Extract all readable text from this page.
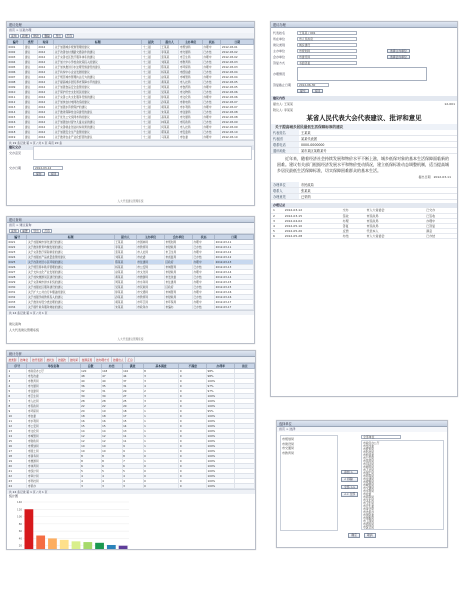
建议处理
首页 > 议案办理
查询	新增	修改	删除	导出	打印
编号	类型	时间	标题	届次	提出人	主办单位	状态	日期
0001	建议	2012	关于加强城乡规划管理的建议	十二届	王某某	市规划局	办理中	2012-03-01
0002	建议	2012	关于改善农村道路交通条件的建议	十二届	李某某	市交通局	已办结	2012-03-02
0003	建议	2012	关于完善社区医疗服务体系的建议	十二届	张某某	市卫生局	办理中	2012-03-02
0004	建议	2012	关于加大中小学校舍改造投入的建议	十二届	刘某某	市教育局	已办结	2012-03-03
0005	建议	2012	关于加快推进污水处理设施建设的建议	十二届	陈某某	市环保局	办理中	2012-03-03
0006	建议	2012	关于扶持中小企业发展的建议	十二届	杨某某	市经信委	已办结	2012-03-04
0007	建议	2012	关于规范城市管理执法行为的建议	十二届	赵某某	市城管局	办理中	2012-03-04
0008	建议	2012	关于提高城乡居民养老保障水平的建议	十二届	黄某某	市人社局	已办结	2012-03-05
0009	建议	2012	关于加强食品安全监管的建议	十二届	周某某	市食药局	办理中	2012-03-05
0010	建议	2012	关于保护历史文化街区的建议	十二届	吴某某	市文物局	已办结	2012-03-06
0011	建议	2012	关于完善公共文化服务设施的建议	十二届	徐某某	市文化局	办理中	2012-03-06
0012	建议	2012	关于加快农村电网改造的建议	十二届	孙某某	市供电局	已办结	2012-03-07
0013	建议	2012	关于加强水资源保护的建议	十二届	胡某某	市水利局	办理中	2012-03-07
0014	建议	2012	关于推进保障性住房建设的建议	十二届	朱某某	市住建局	已办结	2012-03-08
0015	建议	2012	关于优化公交线网布局的建议	十二届	高某某	市交通局	办理中	2012-03-08
0016	建议	2012	关于加强农村留守儿童关爱的建议	十二届	林某某	市民政局	已办结	2012-03-09
0017	建议	2012	关于完善就业创业扶持政策的建议	十二届	何某某	市人社局	办理中	2012-03-09
0018	建议	2012	关于加强安全生产监管的建议	十二届	郭某某	市安监局	已办结	2012-03-10
0019	建议	2012	关于推进农业产业化经营的建议	十二届	马某某	市农委	办理中	2012-03-10
共 19 条记录 第 1 页 / 共 1 页 每页 20 条
建议交办
交办意见
交办日期	2012-03-12
保存	返回
人大代表建议管理系统
建议查询
首页 > 建议查询
查询	重置	导出	打印
编号	标题	提出人	主办单位	会办单位	状态	日期
0021	关于加强城市绿化建设的建议	王某某	市园林局	市规划局	办理中	2012-03-11
0022	关于推进教育均衡发展的建议	李某某	市教育局	市财政局	已办结	2012-03-11
0023	关于完善医疗保险制度的建议	张某某	市人社局	市卫生局	办理中	2012-03-12
0024	关于加强农产品质量监管的建议	刘某某	市农委	市质监局	已办结	2012-03-12
0025	关于改善老旧小区环境的建议	陈某某	市住建局	区政府	办理中	2012-03-13
0026	关于规范停车秩序管理的建议	杨某某	市公安局	市城管局	已办结	2012-03-13
0027	关于支持文化产业发展的建议	赵某某	市文化局	市财政局	办理中	2012-03-14
0028	关于加快旅游景区建设的建议	黄某某	市旅游局	市发改委	已办结	2012-03-14
0029	关于完善城市排水系统的建议	周某某	市水务局	市住建局	办理中	2012-03-15
0030	关于加强社区服务建设的建议	吴某某	市民政局	区政府	已办结	2012-03-15
0031	关于扩大公共自行车覆盖的建议	徐某某	市交通局	市城管局	办理中	2012-03-16
0032	关于加强学前教育投入的建议	孙某某	市教育局	市财政局	已办结	2012-03-16
0033	关于推进垃圾分类处理的建议	胡某某	市环卫局	市环保局	办理中	2012-03-17
0034	关于提升政务服务效能的建议	朱某某	市政务办	市编办	已办结	2012-03-17
共 14 条记录 第 1 页 / 共 1 页
建议查询
人大代表建议管理系统
人大代表建议管理系统
统计分析
按类别	按单位	按代表团	按状态	按届次	按时间	按满意度	按办理方式	按提出人	汇总
序号	单位名称	总数	办结	满意	基本满意	不满意	办理率	备注
1	市政府办公厅	120	118	110	8	0	98%	
2	市发改委	48	47	44	3	0	98%	
3	市教育局	40	40	37	3	0	100%	
4	市交通局	36	35	31	4	0	97%	
5	市住建局	32	31	29	2	0	97%	
6	市卫生局	30	30	27	3	0	100%	
7	市人社局	28	28	25	3	0	100%	
8	市民政局	22	22	20	2	0	100%	
9	市环保局	20	19	18	1	0	95%	
10	市农委	18	18	17	1	0	100%	
11	市水利局	16	16	15	1	0	100%	
12	市公安局	15	15	14	1	0	100%	
13	市文化局	14	14	13	1	0	100%	
14	市城管局	12	12	11	1	0	100%	
15	市财政局	12	12	11	1	0	100%	
16	市规划局	10	10	9	1	0	100%	
17	市国土局	10	10	9	1	0	100%	
18	市商务局	8	8	8	0	0	100%	
19	市旅游局	8	8	7	1	0	100%	
20	市体育局	6	6	6	0	0	100%	
21	市统计局	5	5	5	0	0	100%	
22	市审计局	4	4	4	0	0	100%	
23	市科技局	4	4	4	0	0	100%	
24	市侨办	3	3	3	0	0	100%	
共 24 条记录 第 1 页 / 共 1 页
统计图
20
40
60
80
100
120
140
建议办理
代表姓名	王某某 / 001
所在单位	市人民政府
建议类别	城乡建设
主办单位	市规划局	选择主办单位
会办单位	市建设局	选择会办单位
答复方式	书面答复
办理情况
答复截止日期	2012-06-30
提交	返回
建议内容
提出人: 王某某	12-001
附议人: 李某某
某省人民代表大会代表建议、批评和意见
关于提高城乡居民最低生活保障标准的建议
代表姓名	王某某
代表团	某某代表团
联系电话	0000-0000000
通讯地址	某市某区某路某号

近年来，随着经济社会持续发展和物价水平不断上涨，城乡低保对象的基本生活保障面临新的困难。建议有关部门根据经济发展水平和物价变动情况，建立低保标准动态调整机制，适当提高城乡居民最低生活保障标准，切实保障困难群众的基本生活。

提出日期 2012-03-11
办理单位	市民政局
联系人	张某某
办理意见	已采纳
办理记录
1	2012-03-12	交办	市人大常委会	已交办
2	2012-03-15	签收	市民政局	已签收
3	2012-04-02	办理	市民政局	办理中
4	2012-05-10	答复	市民政局	已答复
5	2012-05-20	反馈	代表本人	满意
6	2012-05-28	办结	市人大常委会	已办结
选择单位
首页 > 选择
市规划局
市建设局
市交通局
市教育局
添加 >
< 移除
全部 >>
<< 全部
全部单位
市政府办公厅
市发改委
市教育局
市科技局
市经信委
市公安局
市民政局
市司法局
市财政局
市人社局
市国土局
市环保局
市住建局
市规划局
市城管局
市交通局
市水利局
市农委
市商务局
市文化局
市卫生局
市计生委
市审计局
市外侨办
市国资委
市地税局
市工商局
市质监局
市统计局
市物价局
确定	取消
